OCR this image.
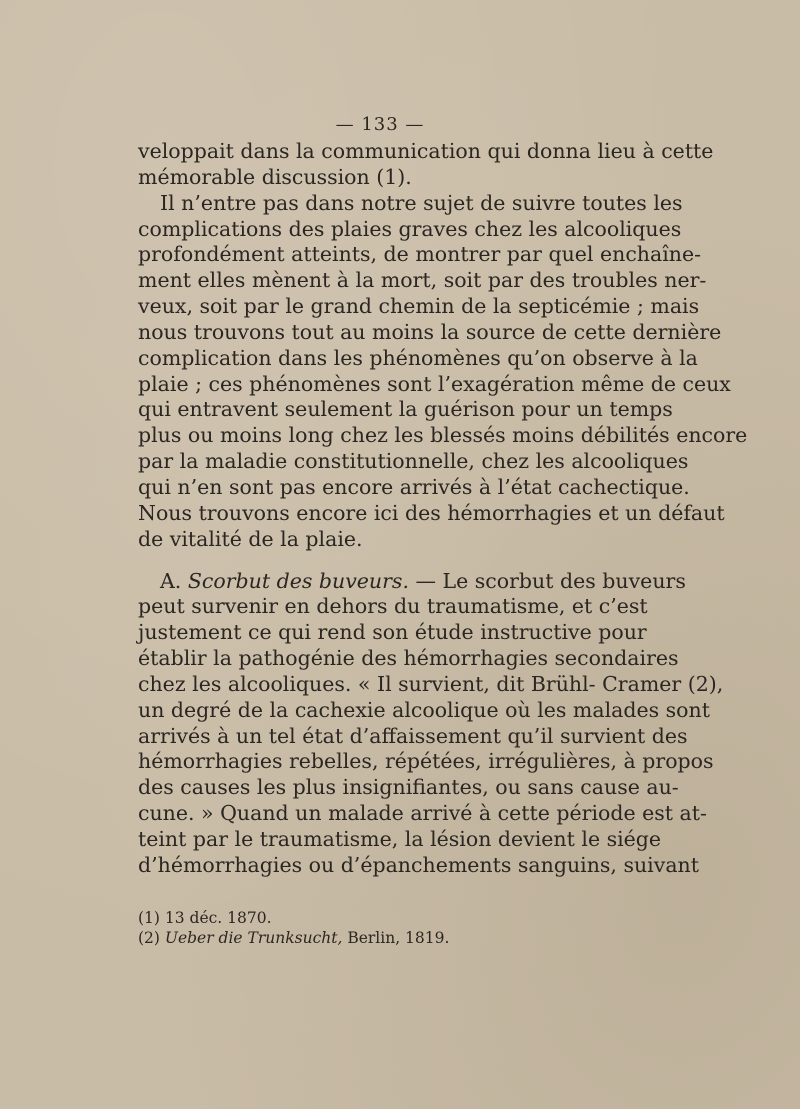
— 133 —
veloppait dans la communication qui donna lieu à cette
mémorable discussion (1).
Il n’entre pas dans notre sujet de suivre toutes les
complications des plaies graves chez les alcooliques
profondément atteints, de montrer par quel enchaîne-
ment elles mènent à la mort, soit par des troubles ner-
veux, soit par le grand chemin de la septicémie ; mais
nous trouvons tout au moins la source de cette dernière
complication dans les phénomènes qu’on observe à la
plaie ; ces phénomènes sont l’exagération même de ceux
qui entravent seulement la guérison pour un temps
plus ou moins long chez les blessés moins débilités encore
par la maladie constitutionnelle, chez les alcooliques
qui n’en sont pas encore arrivés à l’état cachectique.
Nous trouvons encore ici des hémorrhagies et un défaut
de vitalité de la plaie.
A. Scorbut des buveurs. — Le scorbut des buveurs
peut survenir en dehors du traumatisme, et c’est
justement ce qui rend son étude instructive pour
établir la pathogénie des hémorrhagies secondaires
chez les alcooliques. « Il survient, dit Brühl- Cramer (2),
un degré de la cachexie alcoolique où les malades sont
arrivés à un tel état d’affaissement qu’il survient des
hémorrhagies rebelles, répétées, irrégulières, à propos
des causes les plus insignifiantes, ou sans cause au-
cune. » Quand un malade arrivé à cette période est at-
teint par le traumatisme, la lésion devient le siége
d’hémorrhagies ou d’épanchements sanguins, suivant
(1) 13 déc. 1870.
(2) Ueber die Trunksucht, Berlin, 1819.
